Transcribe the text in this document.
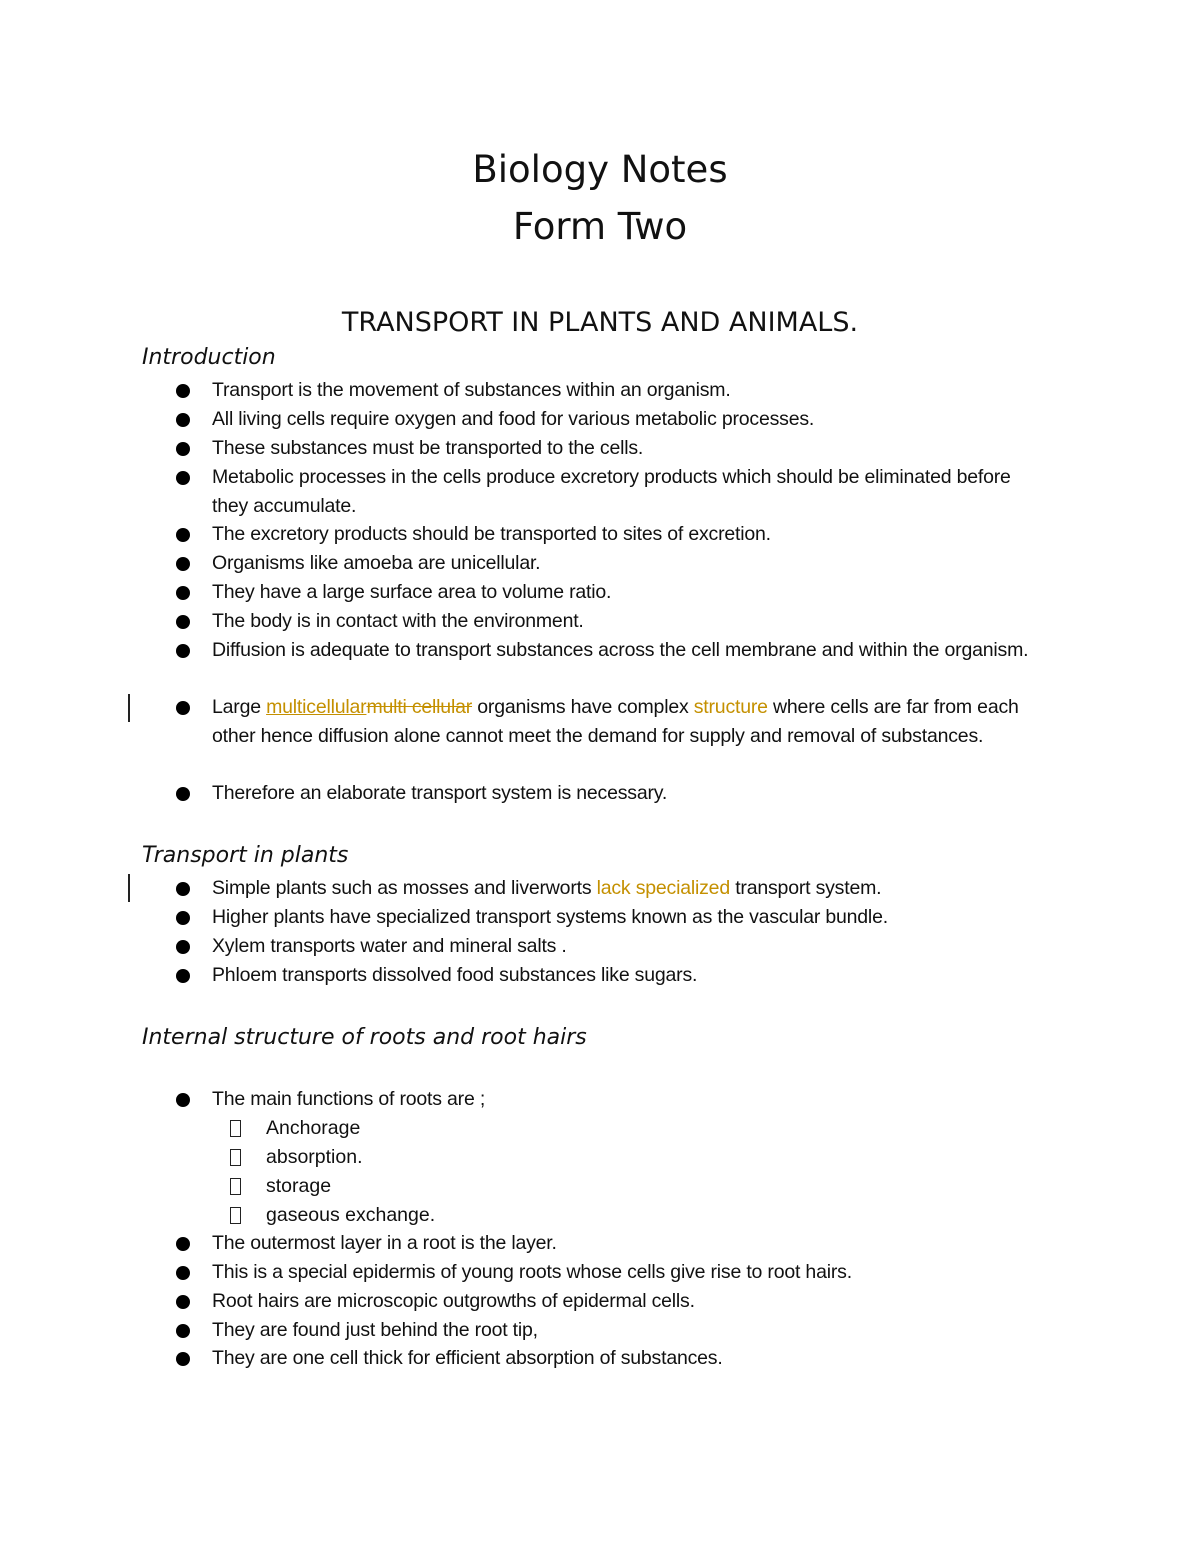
Biology Notes
Form Two
TRANSPORT IN PLANTS AND ANIMALS.
Introduction
Transport is the movement of substances within an organism.
All living cells require oxygen and food for various metabolic processes.
These substances must be transported to the cells.
Metabolic processes in the cells produce excretory products which should be eliminated before they accumulate.
The excretory products should be transported to sites of excretion.
Organisms like amoeba are unicellular.
They have a large surface area to volume ratio.
The body is in contact with the environment.
Diffusion is adequate to transport substances across the cell membrane and within the organism.
Large multicellularmulti cellular organisms have complex structure where cells are far from each other hence diffusion alone cannot meet the demand for supply and removal of substances.
Therefore an elaborate transport system is necessary.
Transport in plants
Simple plants such as mosses and liverworts lack specialized transport system.
Higher plants have specialized transport systems known as the vascular bundle.
Xylem transports water and mineral salts .
Phloem transports dissolved food substances like sugars.
Internal structure of roots and root hairs
The main functions of roots are ;
Anchorage
absorption.
storage
gaseous exchange.
The outermost layer in a root is the layer.
This is a special epidermis of young roots whose cells give rise to root hairs.
Root hairs are microscopic outgrowths of epidermal cells.
They are found just behind the root tip,
They are one cell thick for efficient absorption of substances.
